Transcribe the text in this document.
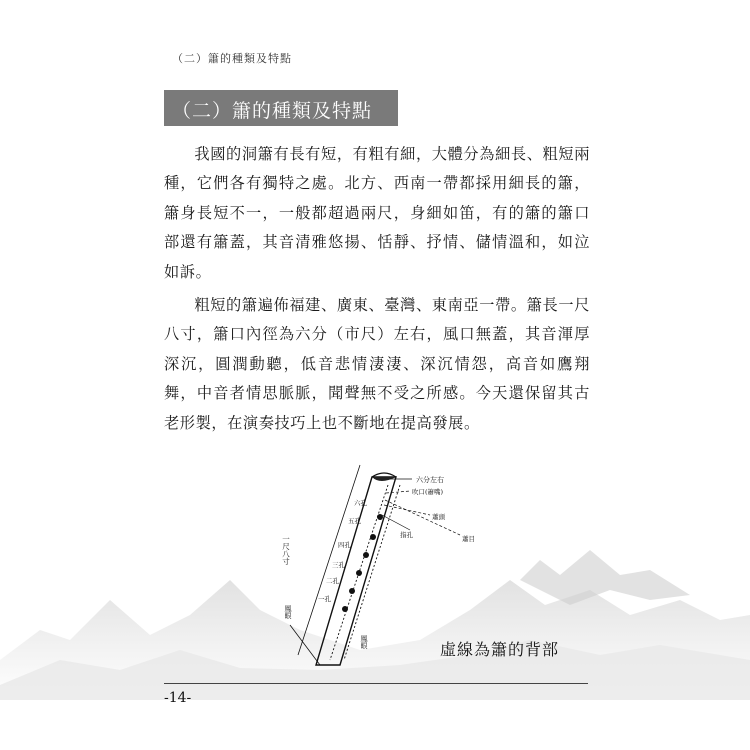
（二）簫的種類及特點
（二）簫的種類及特點

我國的洞簫有長有短，有粗有細，大體分為細長、粗短兩種，它們各有獨特之處。北方、西南一帶都採用細長的簫，簫身長短不一，一般都超過兩尺，身細如笛，有的簫的簫口部還有簫蓋，其音清雅悠揚、恬靜、抒情、儲情溫和，如泣如訴。

粗短的簫遍佈福建、廣東、臺灣、東南亞一帶。簫長一尺八寸，簫口內徑為六分（市尺）左右，風口無蓋，其音渾厚深沉，圓潤動聽，低音悲情淒淒、深沉情怨，高音如鷹翔舞，中音者情思脈脈，聞聲無不受之所感。今天還保留其古老形製，在演奏技巧上也不斷地在提高發展。

六分左右
吹口(簫嘴)
蕭頭
指孔	蕭目
六孔
五孔
四孔
三孔
二孔
一孔
一尺八寸
鳳眼
鳳眼	虛線為簫的背部
-14-
